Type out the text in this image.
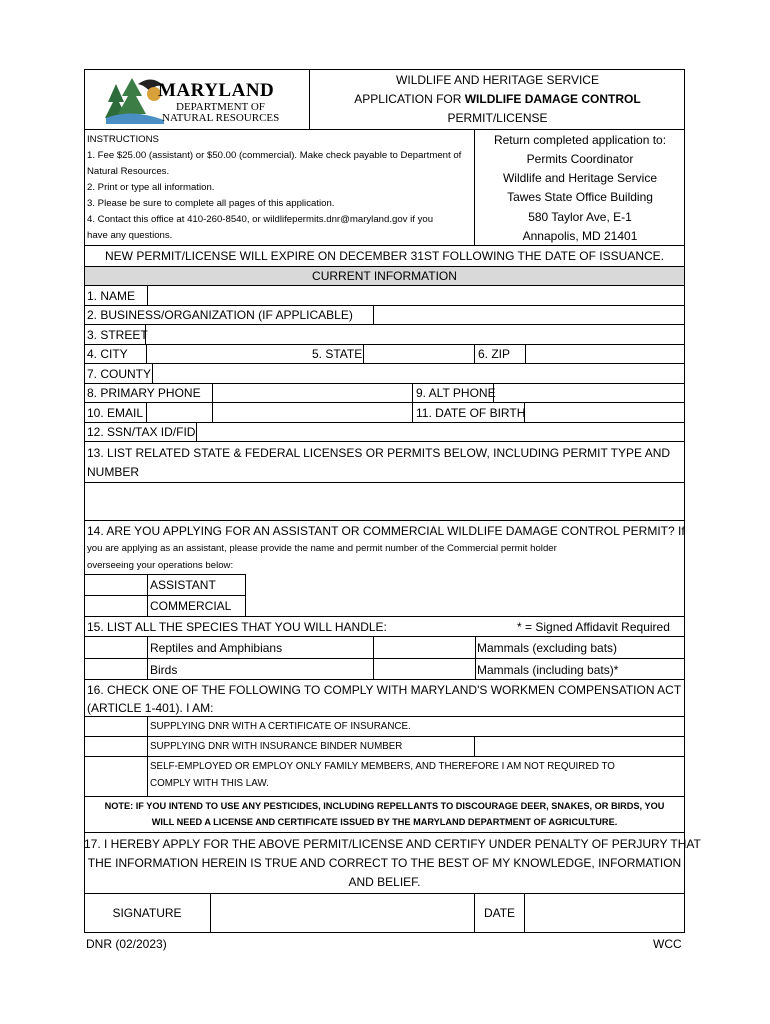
MARYLAND
DEPARTMENT OF
NATURAL RESOURCES
WILDLIFE AND HERITAGE SERVICE
APPLICATION FOR WILDLIFE DAMAGE CONTROL
PERMIT/LICENSE
INSTRUCTIONS
1. Fee $25.00 (assistant) or $50.00 (commercial). Make check payable to Department of
Natural Resources.
2. Print or type all information.
3. Please be sure to complete all pages of this application.
4. Contact this office at 410-260-8540, or wildlifepermits.dnr@maryland.gov if you
have any questions.
Return completed application to:
Permits Coordinator
Wildlife and Heritage Service
Tawes State Office Building
580 Taylor Ave, E-1
Annapolis, MD 21401
NEW PERMIT/LICENSE WILL EXPIRE ON DECEMBER 31ST FOLLOWING THE DATE OF ISSUANCE.
CURRENT INFORMATION
1. NAME
2. BUSINESS/ORGANIZATION (IF APPLICABLE)
3. STREET
4. CITY	5. STATE	6. ZIP
7. COUNTY
8. PRIMARY PHONE	9. ALT PHONE
10. EMAIL	11. DATE OF BIRTH
12. SSN/TAX ID/FID
13. LIST RELATED STATE & FEDERAL LICENSES OR PERMITS BELOW, INCLUDING PERMIT TYPE AND
NUMBER
14. ARE YOU APPLYING FOR AN ASSISTANT OR COMMERCIAL WILDLIFE DAMAGE CONTROL PERMIT? If
you are applying as an assistant, please provide the name and permit number of the Commercial permit holder
overseeing your operations below:
ASSISTANT
COMMERCIAL
15. LIST ALL THE SPECIES THAT YOU WILL HANDLE:	* = Signed Affidavit Required
Reptiles and Amphibians	Mammals (excluding bats)
Birds	Mammals (including bats)*
16. CHECK ONE OF THE FOLLOWING TO COMPLY WITH MARYLAND'S WORKMEN COMPENSATION ACT
(ARTICLE 1-401). I AM:
SUPPLYING DNR WITH A CERTIFICATE OF INSURANCE.
SUPPLYING DNR WITH INSURANCE BINDER NUMBER
SELF-EMPLOYED OR EMPLOY ONLY FAMILY MEMBERS, AND THEREFORE I AM NOT REQUIRED TO
COMPLY WITH THIS LAW.
NOTE: IF YOU INTEND TO USE ANY PESTICIDES, INCLUDING REPELLANTS TO DISCOURAGE DEER, SNAKES, OR BIRDS, YOU
WILL NEED A LICENSE AND CERTIFICATE ISSUED BY THE MARYLAND DEPARTMENT OF AGRICULTURE.
17. I HEREBY APPLY FOR THE ABOVE PERMIT/LICENSE AND CERTIFY UNDER PENALTY OF PERJURY THAT
THE INFORMATION HEREIN IS TRUE AND CORRECT TO THE BEST OF MY KNOWLEDGE, INFORMATION
AND BELIEF.
SIGNATURE	DATE
DNR (02/2023)	WCC
